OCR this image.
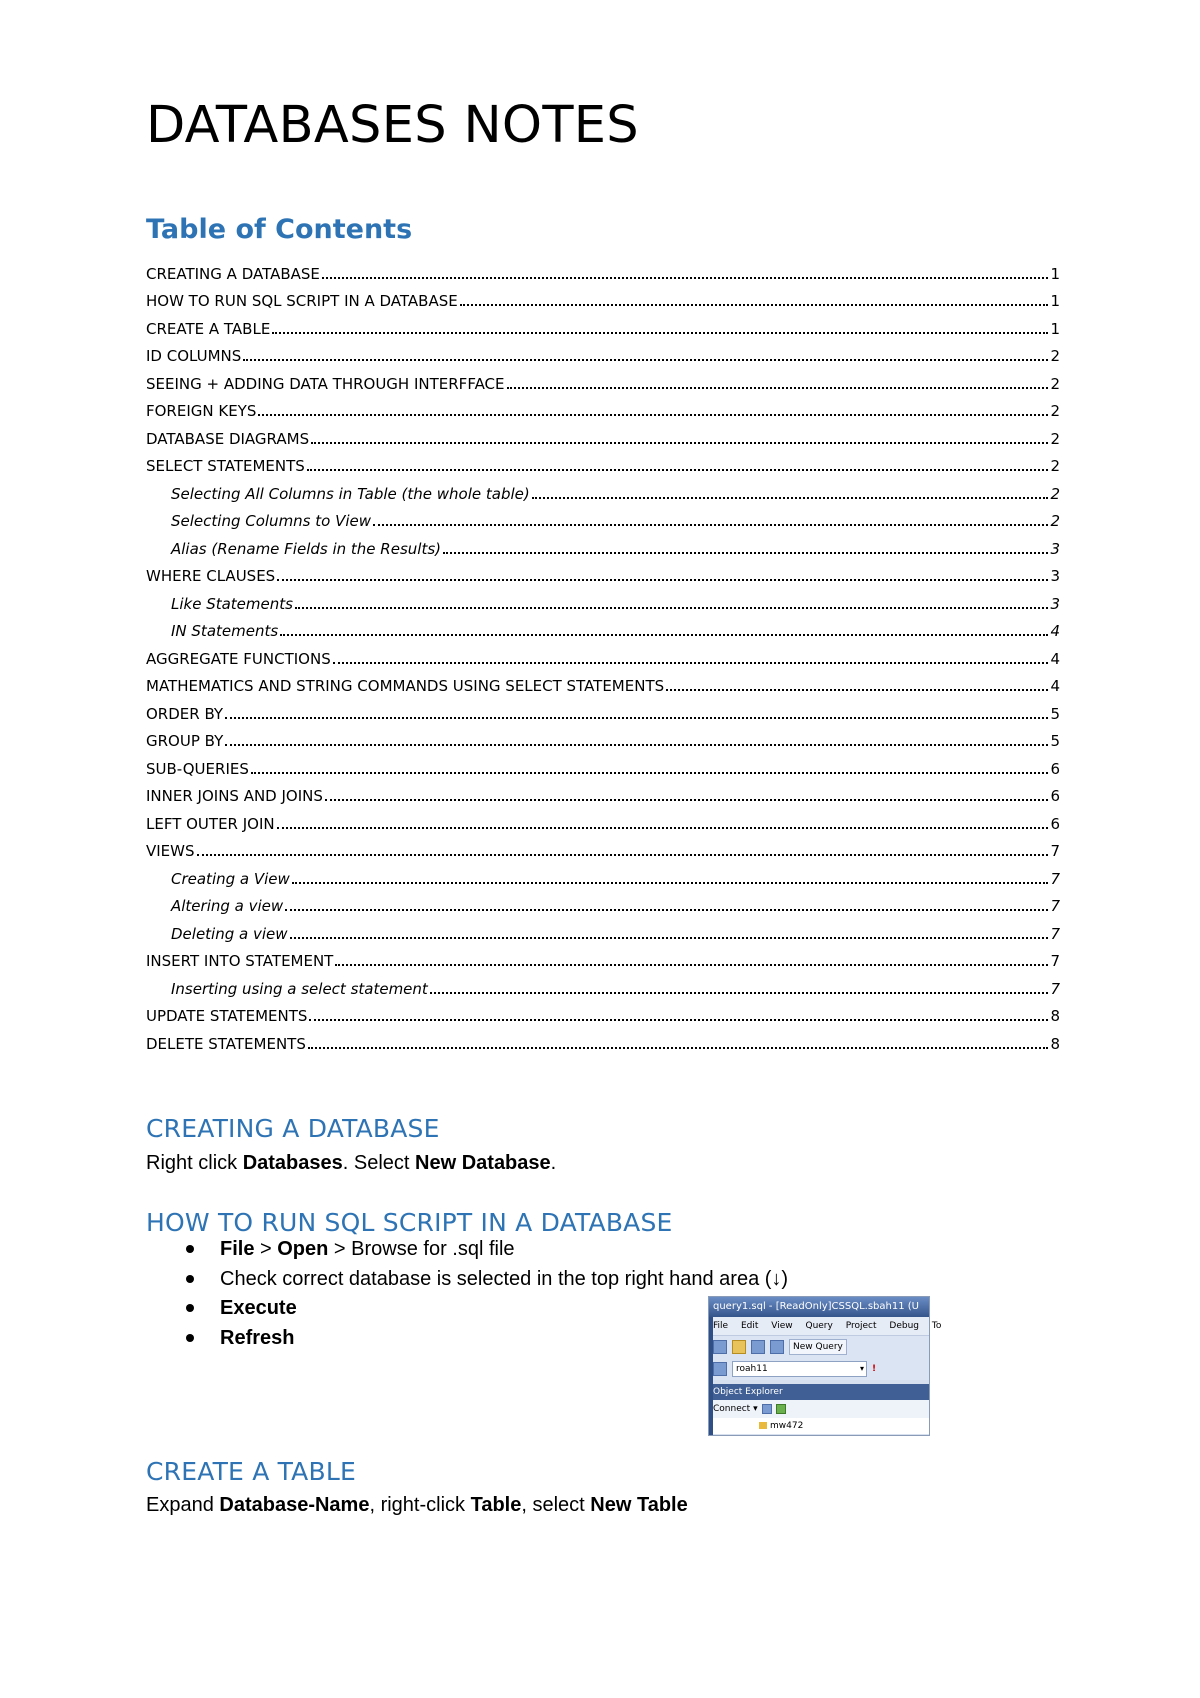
DATABASES NOTES
Table of Contents
CREATING A DATABASE	1
HOW TO RUN SQL SCRIPT IN A DATABASE	1
CREATE A TABLE	1
ID COLUMNS	2
SEEING + ADDING DATA THROUGH INTERFFACE	2
FOREIGN KEYS	2
DATABASE DIAGRAMS	2
SELECT STATEMENTS	2
Selecting All Columns in Table (the whole table)	2
Selecting Columns to View	2
Alias (Rename Fields in the Results)	3
WHERE CLAUSES	3
Like Statements	3
IN Statements	4
AGGREGATE FUNCTIONS	4
MATHEMATICS AND STRING COMMANDS USING SELECT STATEMENTS	4
ORDER BY	5
GROUP BY	5
SUB-QUERIES	6
INNER JOINS AND JOINS	6
LEFT OUTER JOIN	6
VIEWS	7
Creating a View	7
Altering a view	7
Deleting a view	7
INSERT INTO STATEMENT	7
Inserting using a select statement	7
UPDATE STATEMENTS	8
DELETE STATEMENTS	8
CREATING A DATABASE

Right click Databases. Select New Database.

HOW TO RUN SQL SCRIPT IN A DATABASE
File > Open > Browse for .sql file
Check correct database is selected in the top right hand area (↓)
Execute
Refresh
query1.sql - [ReadOnly]CSSQL.sbah11 (U
File Edit View Query Project Debug To
New Query
roah11	▾ !
Object Explorer
Connect ▾
mw472
CREATE A TABLE

Expand Database-Name, right-click Table, select New Table
